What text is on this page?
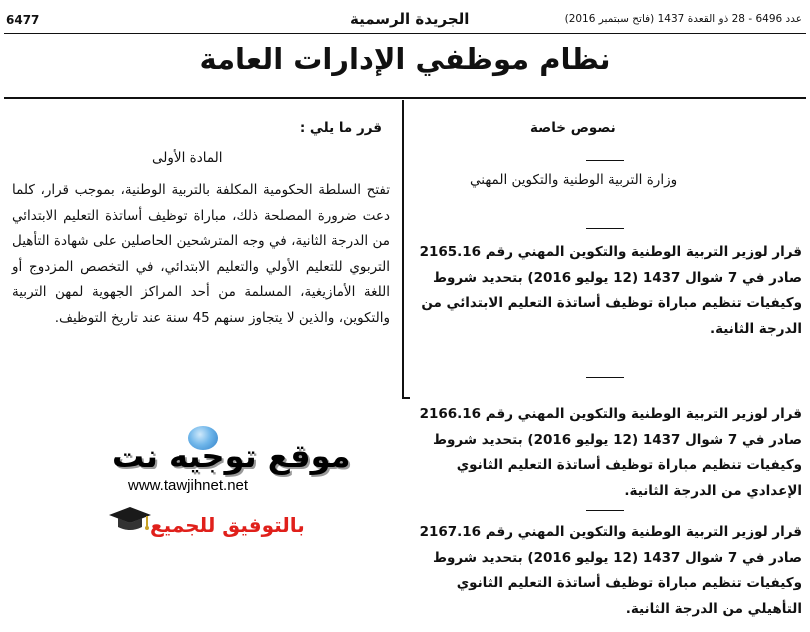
6477	الجريدة الرسمية	عدد 6496 - 28 ذو القعدة 1437 (فاتح سبتمبر 2016)
نظام موظفي الإدارات العامة
قرر ما يلي :
المادة الأولى
تفتح السلطة الحكومية المكلفة بالتربية الوطنية، بموجب قرار، كلما دعت ضرورة المصلحة ذلك، مباراة توظيف أساتذة التعليم الابتدائي من الدرجة الثانية، في وجه المترشحين الحاصلين على شهادة التأهيل التربوي للتعليم الأولي والتعليم الابتدائي، في التخصص المزدوج أو اللغة الأمازيغية، المسلمة من أحد المراكز الجهوية لمهن التربية والتكوين، والذين لا يتجاوز سنهم 45 سنة عند تاريخ التوظيف.
موقع توجيه نت
www.tawjihnet.net
بالتوفيق للجميع
نصوص خاصة
وزارة التربية الوطنية والتكوين المهني
قرار لوزير التربية الوطنية والتكوين المهني رقم 2165.16 صادر في 7 شوال 1437 (12 يوليو 2016) بتحديد شروط وكيفيات تنظيم مباراة توظيف أساتذة التعليم الابتدائي من الدرجة الثانية.
قرار لوزير التربية الوطنية والتكوين المهني رقم 2166.16 صادر في 7 شوال 1437 (12 يوليو 2016) بتحديد شروط وكيفيات تنظيم مباراة توظيف أساتذة التعليم الثانوي الإعدادي من الدرجة الثانية.
قرار لوزير التربية الوطنية والتكوين المهني رقم 2167.16 صادر في 7 شوال 1437 (12 يوليو 2016) بتحديد شروط وكيفيات تنظيم مباراة توظيف أساتذة التعليم الثانوي التأهيلي من الدرجة الثانية.
